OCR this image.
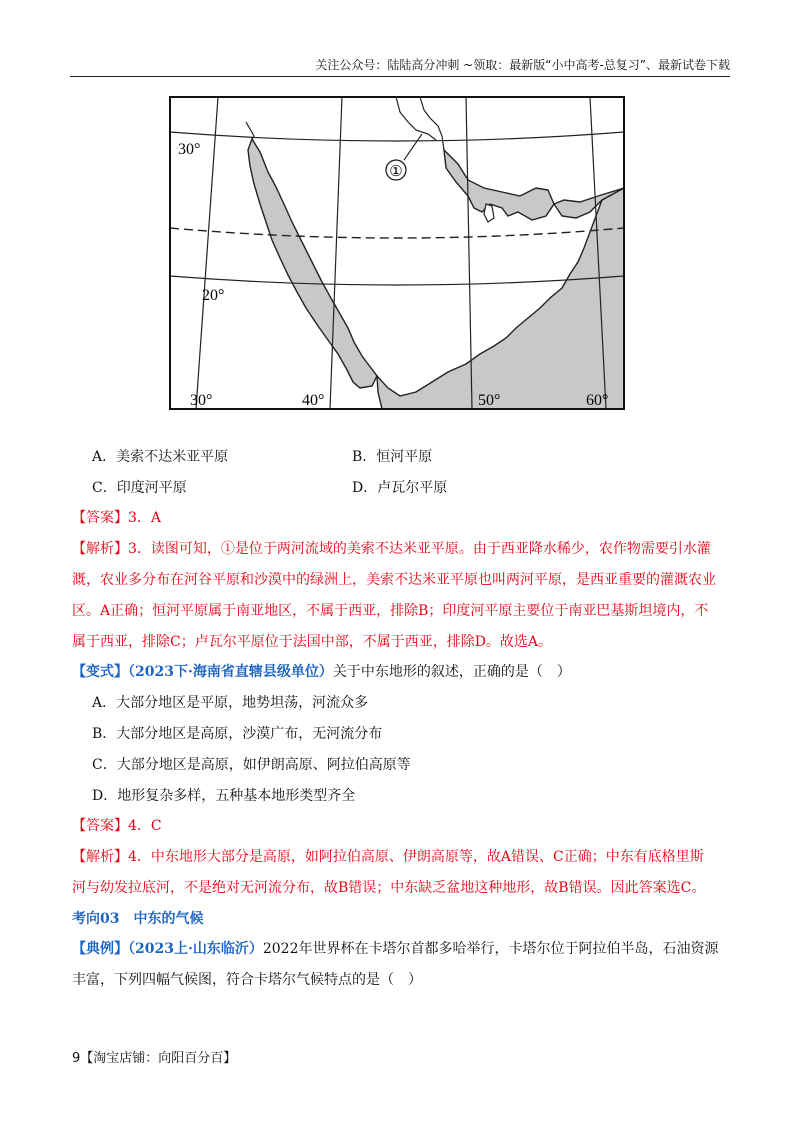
关注公众号：陆陆高分冲刺 ~领取：最新版“小中高考-总复习”、最新试卷下载
①
30°
20°
30°	40°	50°	60°
A．美索不达米亚平原	B．恒河平原
C．印度河平原	D．卢瓦尔平原
【答案】3．A
【解析】3．读图可知，①是位于两河流域的美索不达米亚平原。由于西亚降水稀少，农作物需要引水灌
溉，农业多分布在河谷平原和沙漠中的绿洲上，美索不达米亚平原也叫两河平原，是西亚重要的灌溉农业
区。A正确；恒河平原属于南亚地区，不属于西亚，排除B；印度河平原主要位于南亚巴基斯坦境内，不
属于西亚，排除C；卢瓦尔平原位于法国中部，不属于西亚，排除D。故选A。
【变式】（2023下·海南省直辖县级单位）关于中东地形的叙述，正确的是（　）
A．大部分地区是平原，地势坦荡，河流众多
B．大部分地区是高原，沙漠广布，无河流分布
C．大部分地区是高原，如伊朗高原、阿拉伯高原等
D．地形复杂多样，五种基本地形类型齐全
【答案】4．C
【解析】4．中东地形大部分是高原，如阿拉伯高原、伊朗高原等，故A错误、C正确；中东有底格里斯
河与幼发拉底河，不是绝对无河流分布，故B错误；中东缺乏盆地这种地形，故B错误。因此答案选C。
考向03　中东的气候
【典例】（2023上·山东临沂）2022年世界杯在卡塔尔首都多哈举行，卡塔尔位于阿拉伯半岛，石油资源
丰富，下列四幅气候图，符合卡塔尔气候特点的是（　）
9【淘宝店铺：向阳百分百】
